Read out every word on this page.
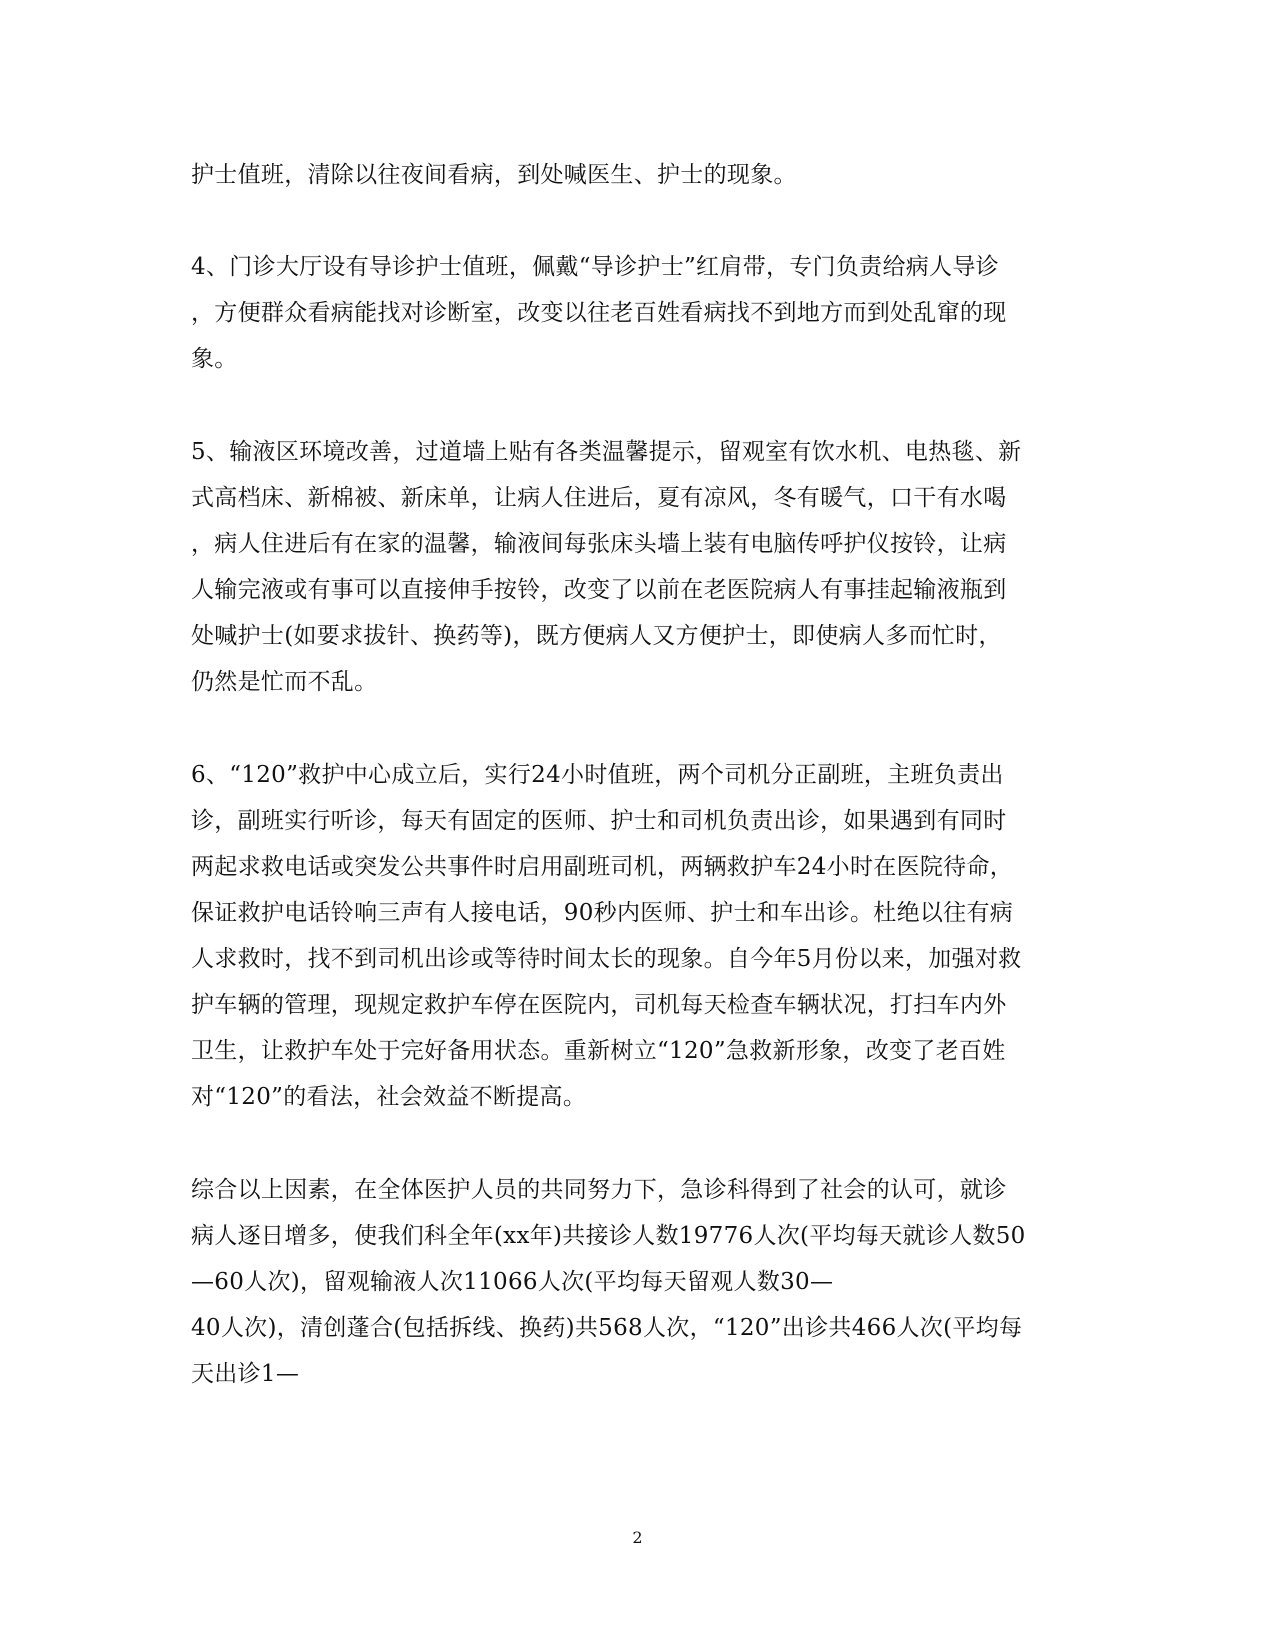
护士值班，清除以往夜间看病，到处喊医生、护士的现象。
4、门诊大厅设有导诊护士值班，佩戴“导诊护士”红肩带，专门负责给病人导诊
，方便群众看病能找对诊断室，改变以往老百姓看病找不到地方而到处乱窜的现
象。
5、输液区环境改善，过道墙上贴有各类温馨提示，留观室有饮水机、电热毯、新
式高档床、新棉被、新床单，让病人住进后，夏有凉风，冬有暖气，口干有水喝
，病人住进后有在家的温馨，输液间每张床头墙上装有电脑传呼护仪按铃，让病
人输完液或有事可以直接伸手按铃，改变了以前在老医院病人有事挂起输液瓶到
处喊护士(如要求拔针、换药等)，既方便病人又方便护士，即使病人多而忙时，
仍然是忙而不乱。
6、“120”救护中心成立后，实行24小时值班，两个司机分正副班，主班负责出
诊，副班实行听诊，每天有固定的医师、护士和司机负责出诊，如果遇到有同时
两起求救电话或突发公共事件时启用副班司机，两辆救护车24小时在医院待命，
保证救护电话铃响三声有人接电话，90秒内医师、护士和车出诊。杜绝以往有病
人求救时，找不到司机出诊或等待时间太长的现象。自今年5月份以来，加强对救
护车辆的管理，现规定救护车停在医院内，司机每天检查车辆状况，打扫车内外
卫生，让救护车处于完好备用状态。重新树立“120”急救新形象，改变了老百姓
对“120”的看法，社会效益不断提高。
综合以上因素，在全体医护人员的共同努力下，急诊科得到了社会的认可，就诊
病人逐日增多，使我们科全年(xx年)共接诊人数19776人次(平均每天就诊人数50
—60人次)，留观输液人次11066人次(平均每天留观人数30—
40人次)，清创蓬合(包括拆线、换药)共568人次，“120”出诊共466人次(平均每
天出诊1—
2
